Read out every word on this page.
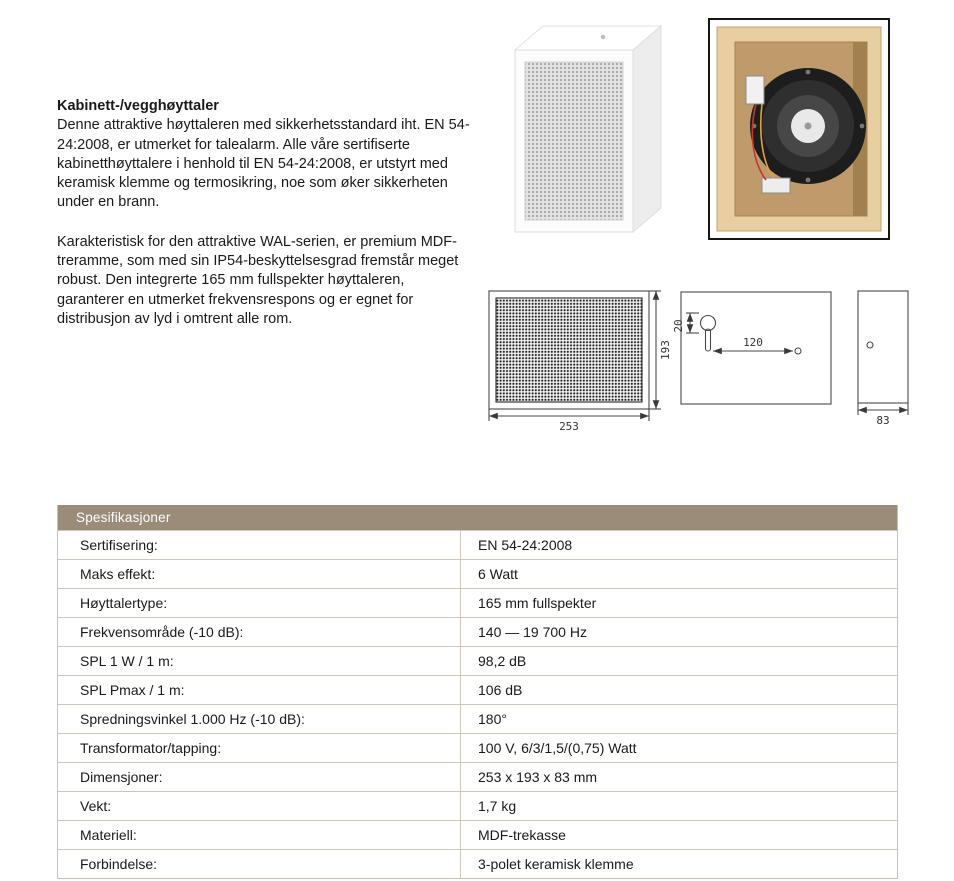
Kabinett-/vegghøyttaler

Denne attraktive høyttaleren med sikkerhetsstandard iht. EN 54-24:2008, er utmerket for talealarm. Alle våre sertifiserte kabinetthøyttalere i henhold til EN 54-24:2008, er utstyrt med keramisk klemme og termosikring, noe som øker sikkerheten under en brann.

Karakteristisk for den attraktive WAL-serien, er premium MDF-treramme, som med sin IP54-beskyttelsesgrad fremstår meget robust. Den integrerte 165 mm fullspekter høyttaleren, garanterer en utmerket frekvensrespons og er egnet for distribusjon av lyd i omtrent alle rom.

253
193
20
120
83
Spesifikasjoner
Sertifisering:	EN 54-24:2008
Maks effekt:	6 Watt
Høyttalertype:	165 mm fullspekter
Frekvensområde (-10 dB):	140 — 19 700 Hz
SPL 1 W / 1 m:	98,2 dB
SPL Pmax / 1 m:	106 dB
Spredningsvinkel 1.000 Hz (-10 dB):	180°
Transformator/tapping:	100 V, 6/3/1,5/(0,75) Watt
Dimensjoner:	253 x 193 x 83 mm
Vekt:	1,7 kg
Materiell:	MDF-trekasse
Forbindelse:	3-polet keramisk klemme
